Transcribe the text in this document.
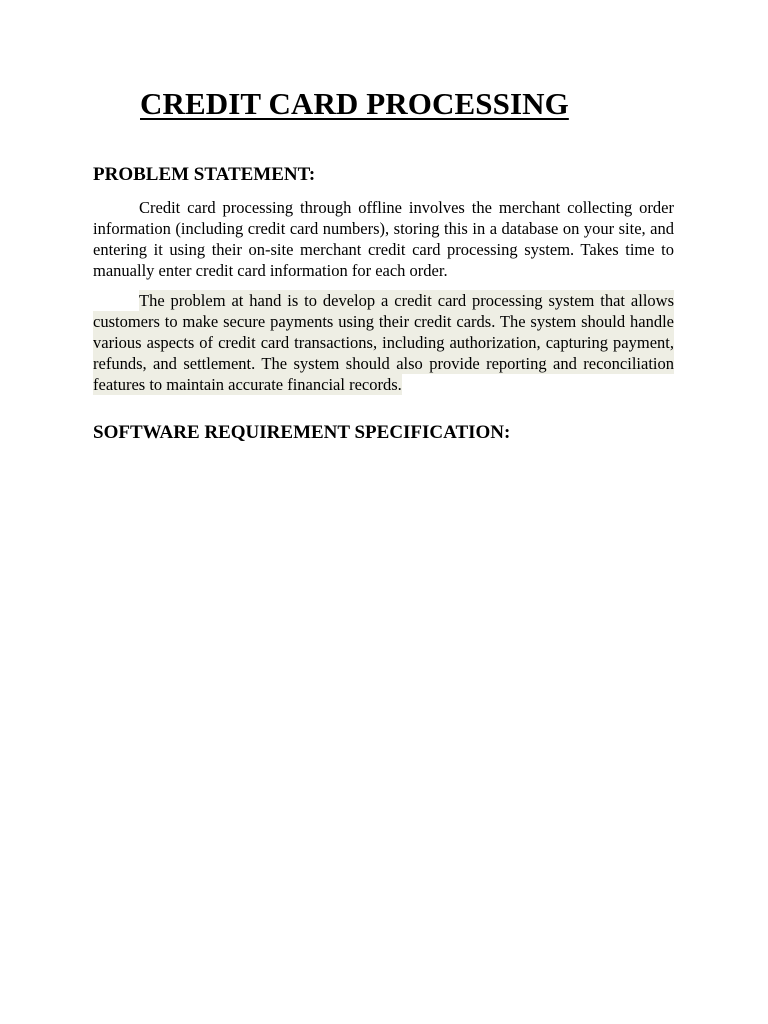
CREDIT CARD PROCESSING
PROBLEM STATEMENT:

Credit card processing through offline involves the merchant collecting order information (including credit card numbers), storing this in a database on your site, and entering it using their on-site merchant credit card processing system. Takes time to manually enter credit card information for each order.

The problem at hand is to develop a credit card processing system that allows customers to make secure payments using their credit cards. The system should handle various aspects of credit card transactions, including authorization, capturing payment, refunds, and settlement. The system should also provide reporting and reconciliation features to maintain accurate financial records.

SOFTWARE REQUIREMENT SPECIFICATION:
